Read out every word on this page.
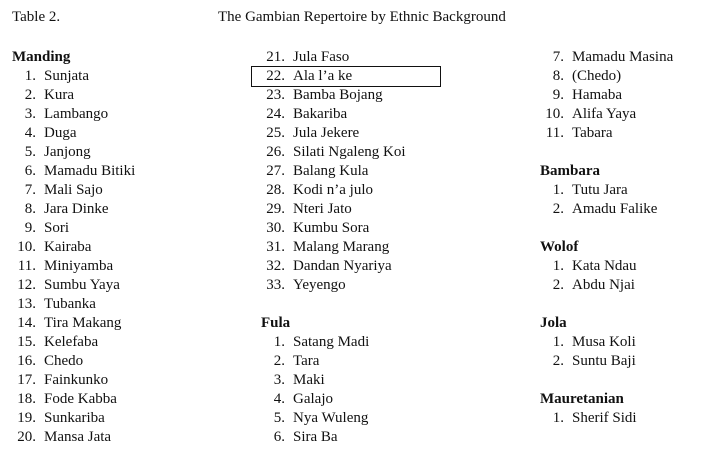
Table 2.	The Gambian Repertoire by Ethnic Background
Manding
1. Sunjata
2. Kura
3. Lambango
4. Duga
5. Janjong
6. Mamadu Bitiki
7. Mali Sajo
8. Jara Dinke
9. Sori
10. Kairaba
11. Miniyamba
12. Sumbu Yaya
13. Tubanka
14. Tira Makang
15. Kelefaba
16. Chedo
17. Fainkunko
18. Fode Kabba
19. Sunkariba
20. Mansa Jata
21. Jula Faso
22. Ala l’a ke
23. Bamba Bojang
24. Bakariba
25. Jula Jekere
26. Silati Ngaleng Koi
27. Balang Kula
28. Kodi n’a julo
29. Nteri Jato
30. Kumbu Sora
31. Malang Marang
32. Dandan Nyariya
33. Yeyengo
Fula
1. Satang Madi
2. Tara
3. Maki
4. Galajo
5. Nya Wuleng
6. Sira Ba
7. Mamadu Masina
8. (Chedo)
9. Hamaba
10. Alifa Yaya
11. Tabara
Bambara
1. Tutu Jara
2. Amadu Falike
Wolof
1. Kata Ndau
2. Abdu Njai
Jola
1. Musa Koli
2. Suntu Baji
Mauretanian
1. Sherif Sidi
